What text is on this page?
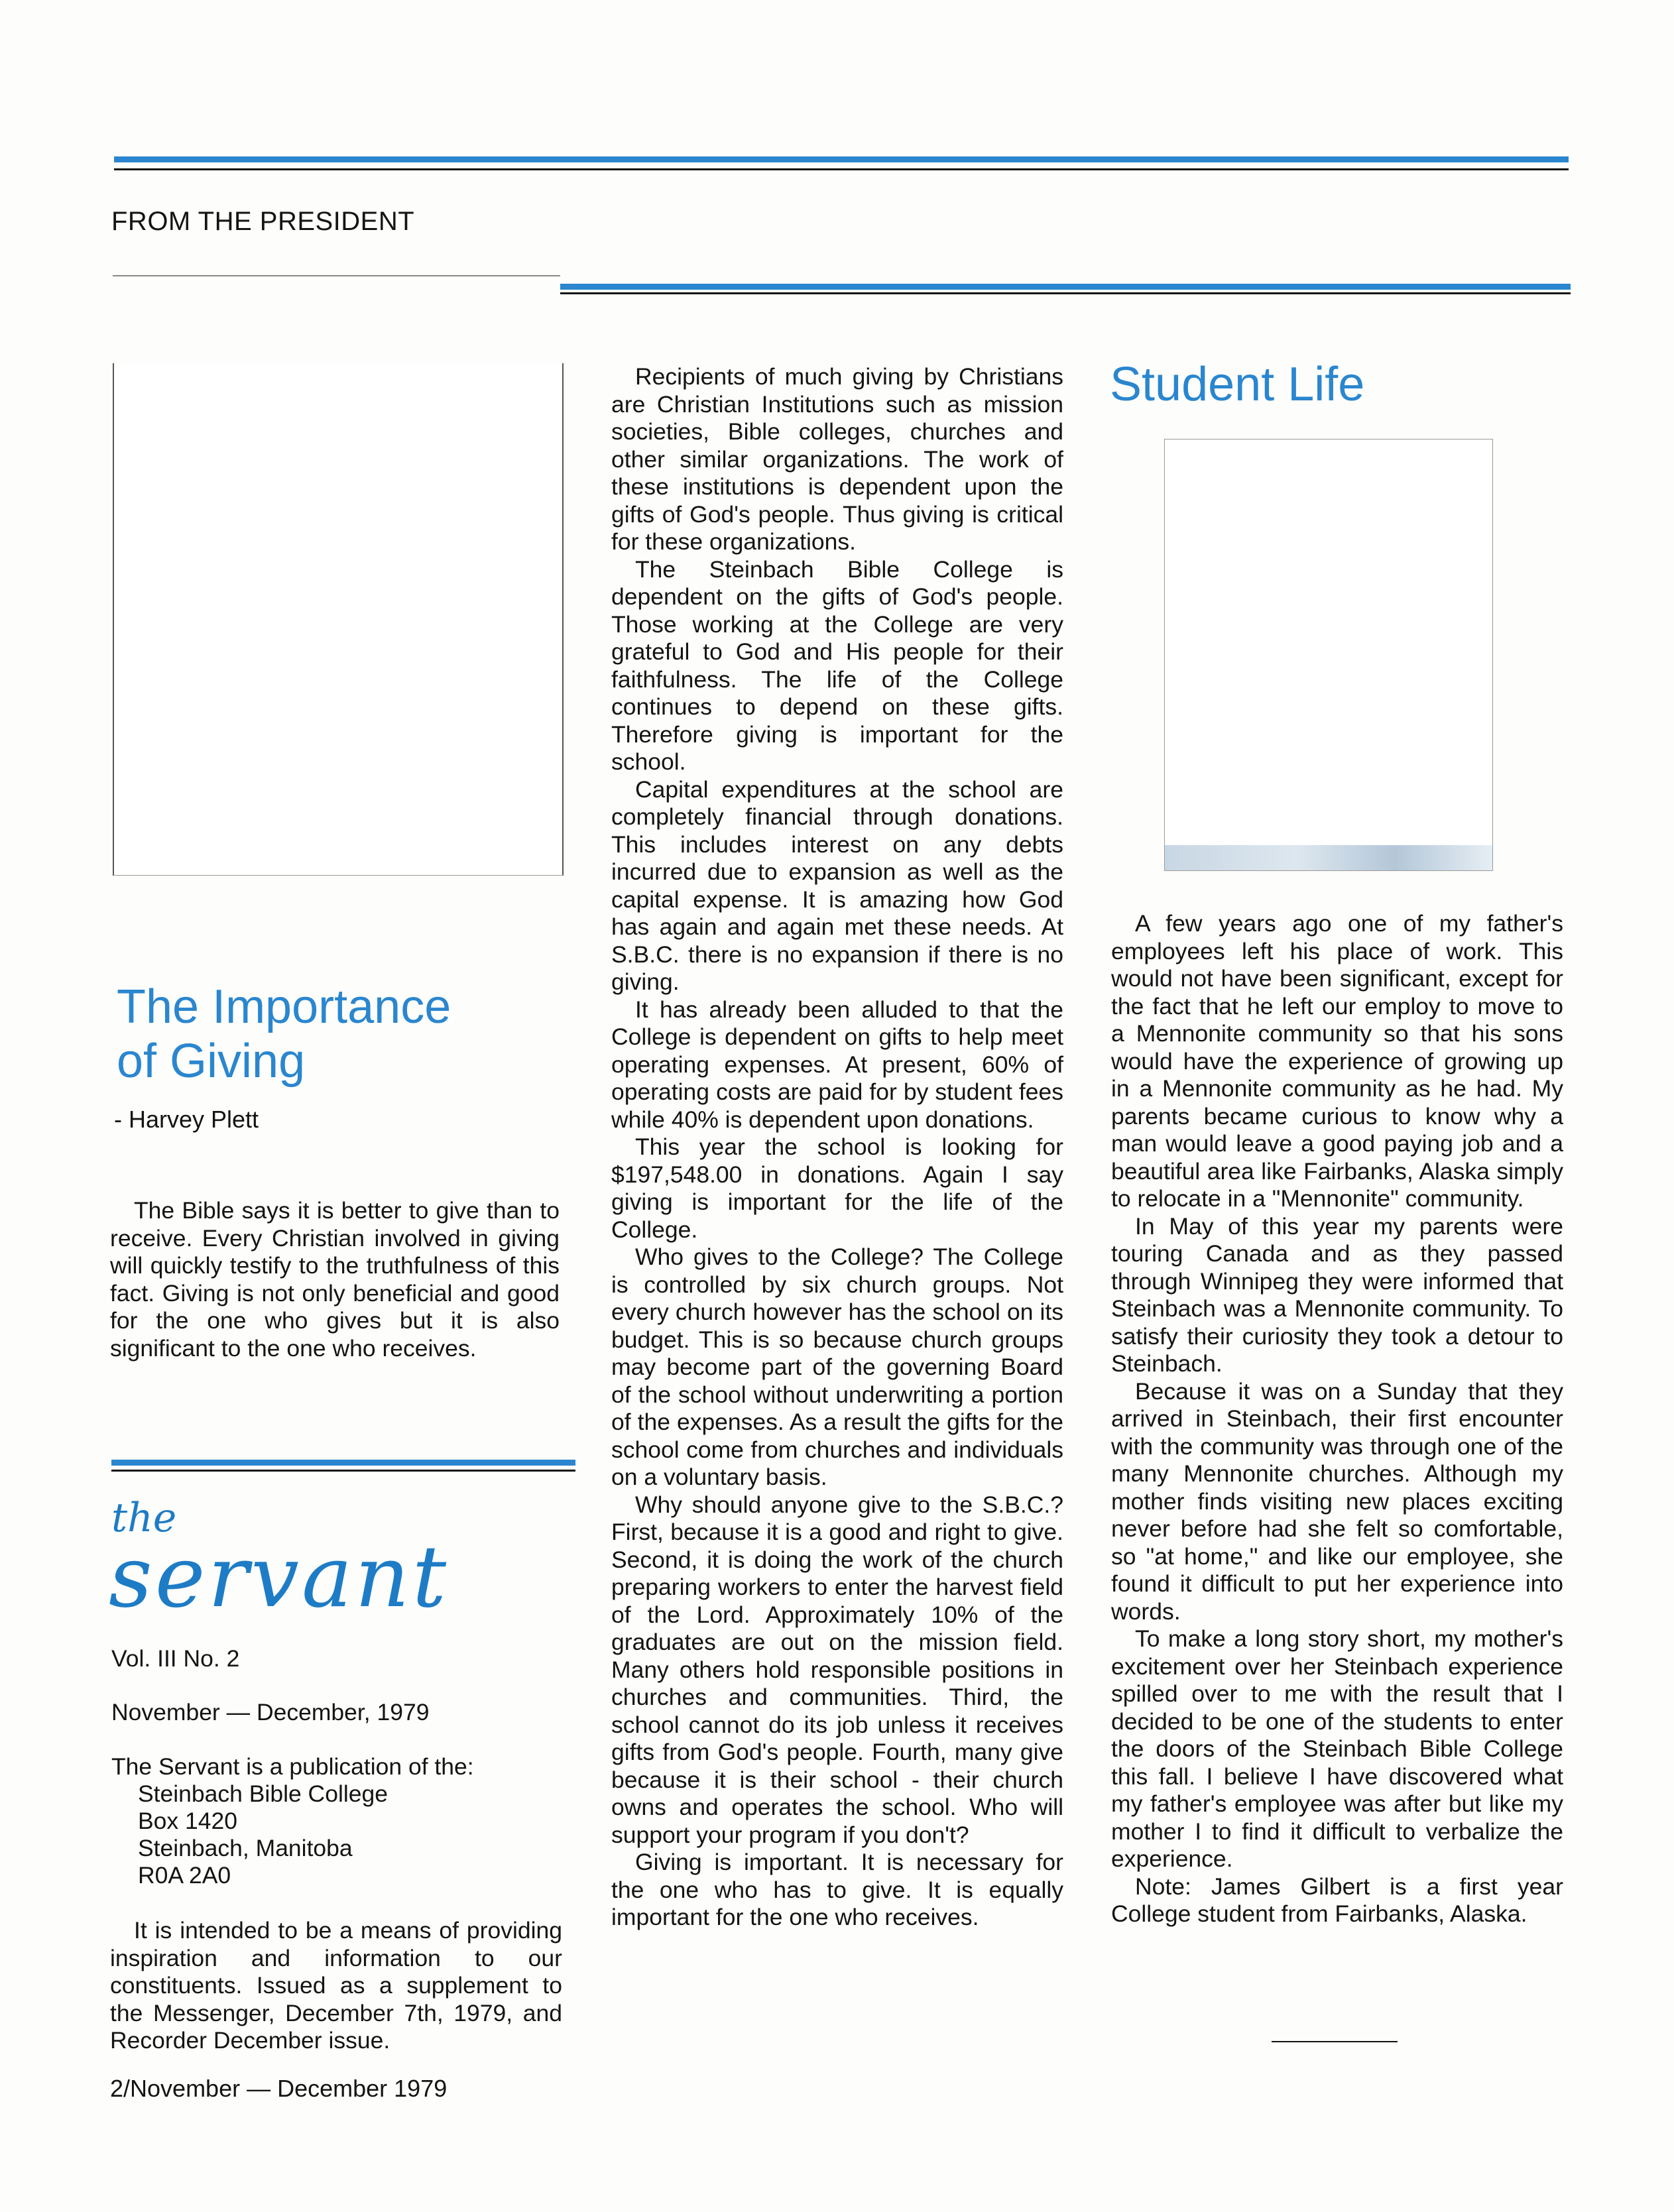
FROM THE PRESIDENT
The Importance
of Giving
- Harvey Plett

The Bible says it is better to give than to receive. Every Christian involved in giving will quickly testify to the truthfulness of this fact. Giving is not only beneficial and good for the one who gives but it is also significant to the one who receives.

the
servant
Vol. III No. 2
November — December, 1979
The Servant is a publication of the:
Steinbach Bible College
Box 1420
Steinbach, Manitoba
R0A 2A0

It is intended to be a means of providing inspiration and information to our constituents. Issued as a supplement to the Messenger, December 7th, 1979, and Recorder December issue.

Recipients of much giving by Christians are Christian Institutions such as mission societies, Bible colleges, churches and other similar organizations. The work of these institutions is dependent upon the gifts of God's people. Thus giving is critical for these organizations.

The Steinbach Bible College is dependent on the gifts of God's people. Those working at the College are very grateful to God and His people for their faithfulness. The life of the College continues to depend on these gifts. Therefore giving is important for the school.

Capital expenditures at the school are completely financial through donations. This includes interest on any debts incurred due to expansion as well as the capital expense. It is amazing how God has again and again met these needs. At S.B.C. there is no expansion if there is no giving.

It has already been alluded to that the College is dependent on gifts to help meet operating expenses. At present, 60% of operating costs are paid for by student fees while 40% is dependent upon donations.

This year the school is looking for $197,548.00 in donations. Again I say giving is important for the life of the College.

Who gives to the College? The College is controlled by six church groups. Not every church however has the school on its budget. This is so because church groups may become part of the governing Board of the school without underwriting a portion of the expenses. As a result the gifts for the school come from churches and individuals on a voluntary basis.

Why should anyone give to the S.B.C.? First, because it is a good and right to give. Second, it is doing the work of the church preparing workers to enter the harvest field of the Lord. Approximately 10% of the graduates are out on the mission field. Many others hold responsible positions in churches and communities. Third, the school cannot do its job unless it receives gifts from God's people. Fourth, many give because it is their school - their church owns and operates the school. Who will support your program if you don't?

Giving is important. It is necessary for the one who has to give. It is equally important for the one who receives.

Student Life

A few years ago one of my father's employees left his place of work. This would not have been significant, except for the fact that he left our employ to move to a Mennonite community so that his sons would have the experience of growing up in a Mennonite community as he had. My parents became curious to know why a man would leave a good paying job and a beautiful area like Fairbanks, Alaska simply to relocate in a "Mennonite" community.

In May of this year my parents were touring Canada and as they passed through Winnipeg they were informed that Steinbach was a Mennonite community. To satisfy their curiosity they took a detour to Steinbach.

Because it was on a Sunday that they arrived in Steinbach, their first encounter with the community was through one of the many Mennonite churches. Although my mother finds visiting new places exciting never before had she felt so comfortable, so "at home," and like our employee, she found it difficult to put her experience into words.

To make a long story short, my mother's excitement over her Steinbach experience spilled over to me with the result that I decided to be one of the students to enter the doors of the Steinbach Bible College this fall. I believe I have discovered what my father's employee was after but like my mother I to find it difficult to verbalize the experience.

Note: James Gilbert is a first year College student from Fairbanks, Alaska.

2/November — December 1979
